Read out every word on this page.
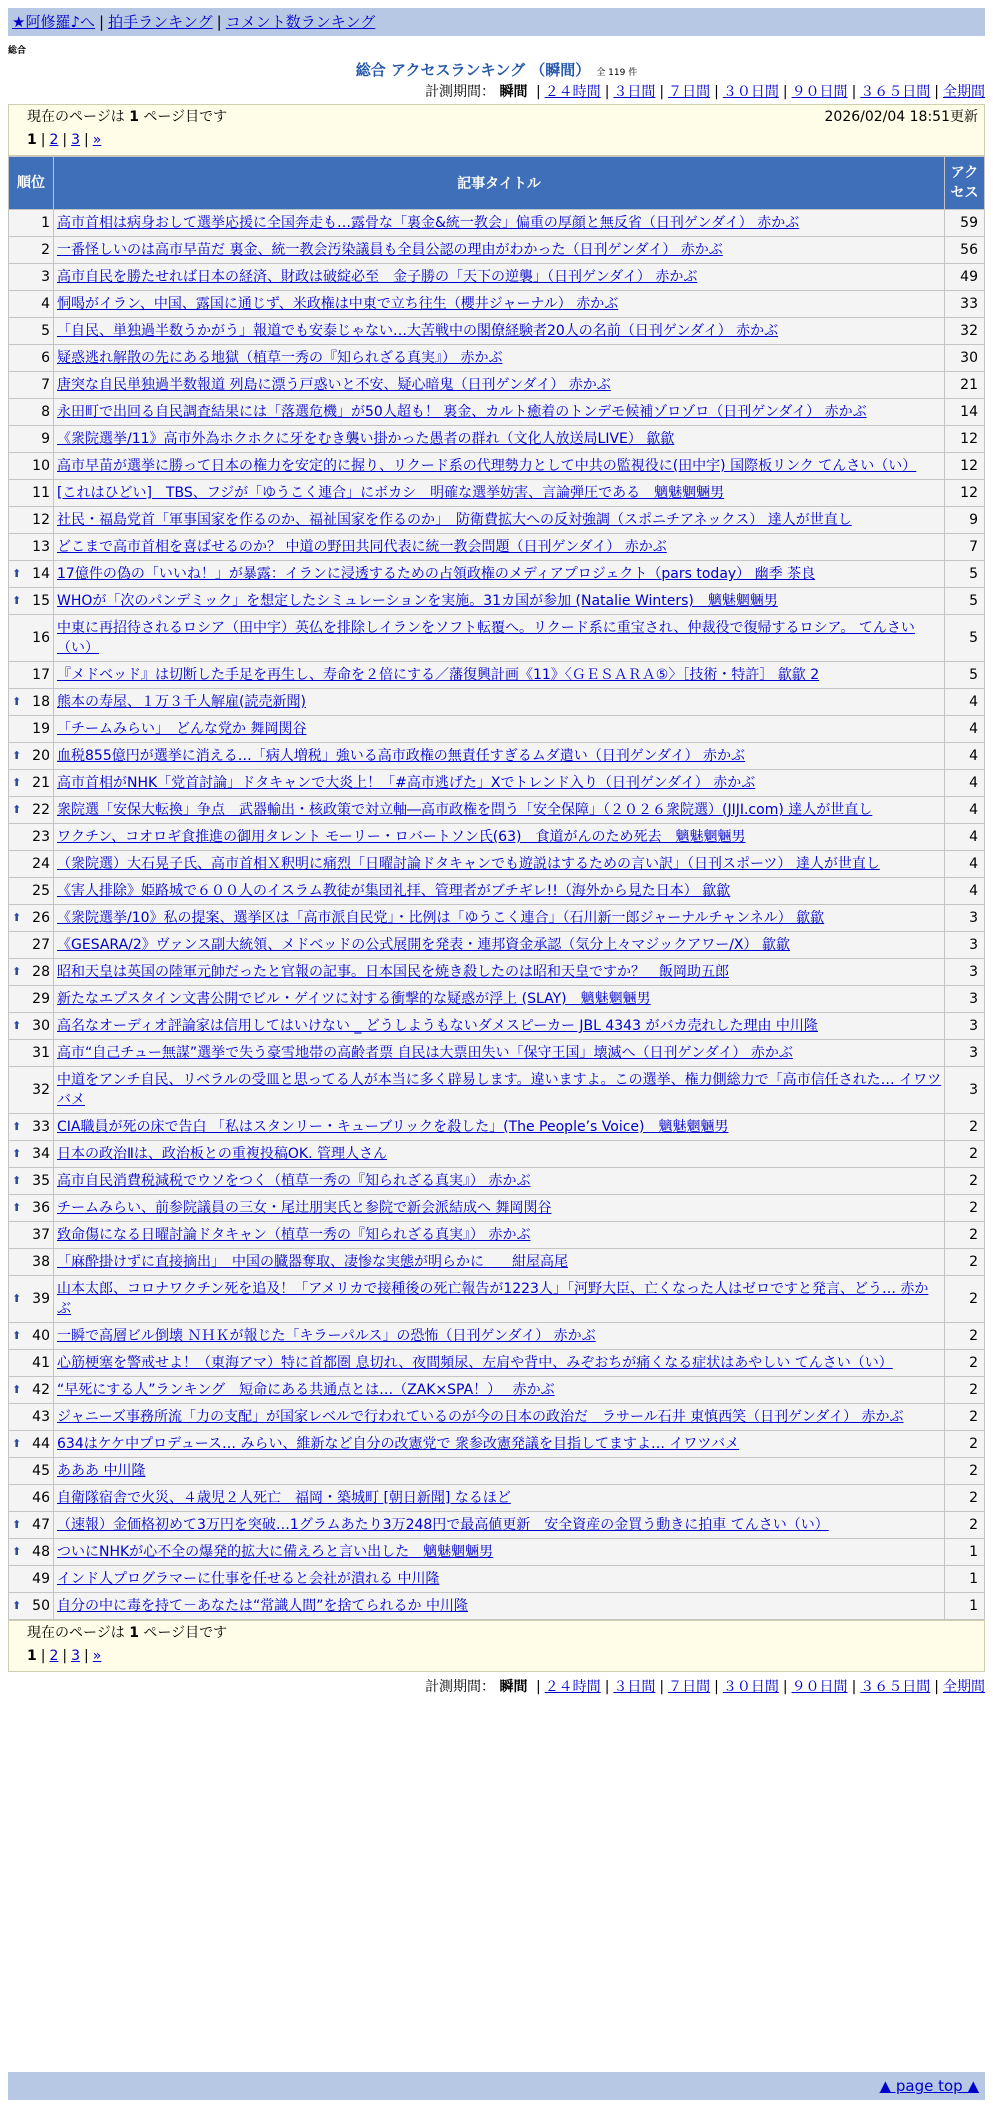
★阿修羅♪へ | 拍手ランキング | コメント数ランキング
総合
総合 アクセスランキング （瞬間） 全 119 件
計測期間： 瞬間 | ２４時間 | ３日間 | ７日間 | ３０日間 | ９０日間 | ３６５日間 | 全期間
現在のページは 1 ページ目です	2026/02/04 18:51更新
1 | 2 | 3 | »
順位	記事タイトル	アクセス
1	高市首相は病身おして選挙応援に全国奔走も…露骨な「裏金&統一教会」偏重の厚顔と無反省（日刊ゲンダイ） 赤かぶ	59
2	一番怪しいのは高市早苗だ 裏金、統一教会汚染議員も全員公認の理由がわかった（日刊ゲンダイ） 赤かぶ	56
3	高市自民を勝たせれば日本の経済、財政は破綻必至　金子勝の「天下の逆襲」（日刊ゲンダイ） 赤かぶ	49
4	恫喝がイラン、中国、露国に通じず、米政権は中東で立ち往生（櫻井ジャーナル） 赤かぶ	33
5	「自民、単独過半数うかがう」報道でも安泰じゃない…大苦戦中の閣僚経験者20人の名前（日刊ゲンダイ） 赤かぶ	32
6	疑惑逃れ解散の先にある地獄（植草一秀の『知られざる真実』） 赤かぶ	30
7	唐突な自民単独過半数報道 列島に漂う戸惑いと不安、疑心暗鬼（日刊ゲンダイ） 赤かぶ	21
8	永田町で出回る自民調査結果には「落選危機」が50人超も！ 裏金、カルト癒着のトンデモ候補ゾロゾロ（日刊ゲンダイ） 赤かぶ	14
9	《衆院選挙/11》高市外為ホクホクに牙をむき襲い掛かった愚者の群れ（文化人放送局LIVE） 歙歙	12
10	高市早苗が選挙に勝って日本の権力を安定的に握り、リクード系の代理勢力として中共の監視役に(田中宇) 国際板リンク てんさい（い）	12
11	[これはひどい]　TBS、フジが「ゆうこく連合」にボカシ　明確な選挙妨害、言論弾圧である　魑魅魍魎男	12
12	社民・福島党首「軍事国家を作るのか、福祉国家を作るのか」　防衛費拡大への反対強調（スポニチアネックス） 達人が世直し	9
13	どこまで高市首相を喜ばせるのか？ 中道の野田共同代表に統一教会問題（日刊ゲンダイ） 赤かぶ	7

⬆ 14	17億件の偽の「いいね！」が暴露：イランに浸透するための占領政権のメディアプロジェクト（pars today） 幽季 茶良	5

⬆ 15	WHOが「次のパンデミック」を想定したシミュレーションを実施。31カ国が参加 (Natalie Winters)　魑魅魍魎男	5
16	中東に再招待されるロシア（田中宇）英仏を排除しイランをソフト転覆へ。リクード系に重宝され、仲裁役で復帰するロシア。 てんさい（い）	5
17	『メドベッド』は切断した手足を再生し、寿命を２倍にする／藩復興計画《11》〈ＧＥＳＡＲＡ⑤〉［技術・特許］ 歙歙 2	5

⬆ 18	熊本の寿屋、１万３千人解雇(読売新聞)	4
19	「チームみらい」　どんな党か 舞岡関谷	4

⬆ 20	血税855億円が選挙に消える…「病人増税」強いる高市政権の無責任すぎるムダ遣い（日刊ゲンダイ） 赤かぶ	4

⬆ 21	高市首相がNHK「党首討論」ドタキャンで大炎上！「#高市逃げた」Xでトレンド入り（日刊ゲンダイ） 赤かぶ	4

⬆ 22	衆院選「安保大転換」争点　武器輸出・核政策で対立軸―高市政権を問う「安全保障」（２０２６衆院選）(JIJI.com) 達人が世直し	4
23	ワクチン、コオロギ食推進の御用タレント モーリー・ロバートソン氏(63)　食道がんのため死去　魑魅魍魎男	4
24	（衆院選）大石晃子氏、高市首相Ｘ釈明に痛烈「日曜討論ドタキャンでも遊説はするための言い訳」（日刊スポーツ） 達人が世直し	4
25	《害人排除》姫路城で６００人のイスラム教徒が集団礼拝、管理者がブチギレ!!（海外から見た日本） 歙歙	4

⬆ 26	《衆院選挙/10》私の提案、選挙区は「高市派自民党」・比例は「ゆうこく連合」（石川新一郎ジャーナルチャンネル） 歙歙	3
27	《GESARA/2》ヴァンス副大統領、メドベッドの公式展開を発表・連邦資金承認（気分上々マジックアワー/X） 歙歙	3

⬆ 28	昭和天皇は英国の陸軍元帥だったと官報の記事。日本国民を焼き殺したのは昭和天皇ですか？　飯岡助五郎	3
29	新たなエプスタイン文書公開でビル・ゲイツに対する衝撃的な疑惑が浮上 (SLAY)　魑魅魍魎男	3

⬆ 30	高名なオーディオ評論家は信用してはいけない _ どうしようもないダメスピーカー JBL 4343 がバカ売れした理由 中川隆	3
31	高市“自己チュー無謀”選挙で失う豪雪地帯の高齢者票 自民は大票田失い「保守王国」壊滅へ（日刊ゲンダイ） 赤かぶ	3
32	中道をアンチ自民、リベラルの受皿と思ってる人が本当に多く辟易します。違いますよ。この選挙、権力側総力で「高市信任された… イワツバメ	3

⬆ 33	CIA職員が死の床で告白 「私はスタンリー・キューブリックを殺した」(The People’s Voice)　魑魅魍魎男	2

⬆ 34	日本の政治Ⅱは、政治板との重複投稿OK. 管理人さん	2

⬆ 35	高市自民消費税減税でウソをつく（植草一秀の『知られざる真実』） 赤かぶ	2

⬆ 36	チームみらい、前参院議員の三女・尾辻朋実氏と参院で新会派結成へ 舞岡関谷	2
37	致命傷になる日曜討論ドタキャン（植草一秀の『知られざる真実』） 赤かぶ	2
38	「麻酔掛けずに直接摘出」　中国の臓器奪取、凄惨な実態が明らかに　　紺屋高尾	2

⬆ 39	山本太郎、コロナワクチン死を追及！「アメリカで接種後の死亡報告が1223人」「河野大臣、亡くなった人はゼロですと発言、どう… 赤かぶ	2

⬆ 40	一瞬で高層ビル倒壊 ＮＨＫが報じた「キラーパルス」の恐怖（日刊ゲンダイ） 赤かぶ	2
41	心筋梗塞を警戒せよ！（東海アマ）特に首都圏 息切れ、夜間頻尿、左肩や背中、みぞおちが痛くなる症状はあやしい てんさい（い）	2

⬆ 42	“早死にする人”ランキング　短命にある共通点とは…（ZAK×SPA！）　 赤かぶ	2
43	ジャニーズ事務所流「力の支配」が国家レベルで行われているのが今の日本の政治だ　ラサール石井 東慎西笑（日刊ゲンダイ） 赤かぶ	2

⬆ 44	634はケケ中プロデュース… みらい、維新など自分の改憲党で 衆参改憲発議を目指してますよ… イワツバメ	2
45	あああ 中川隆	2
46	自衛隊宿舎で火災、４歳児２人死亡　福岡・築城町 [朝日新聞] なるほど	2

⬆ 47	（速報）金価格初めて3万円を突破…1グラムあたり3万248円で最高値更新　安全資産の金買う動きに拍車 てんさい（い）	2

⬆ 48	ついにNHKが心不全の爆発的拡大に備えろと言い出した　魑魅魍魎男	1
49	インド人プログラマーに仕事を任せると会社が潰れる 中川隆	1

⬆ 50	自分の中に毒を持て－あなたは“常識人間”を捨てられるか 中川隆	1
現在のページは 1 ページ目です
1 | 2 | 3 | »
計測期間： 瞬間 | ２４時間 | ３日間 | ７日間 | ３０日間 | ９０日間 | ３６５日間 | 全期間
▲ page top ▲
